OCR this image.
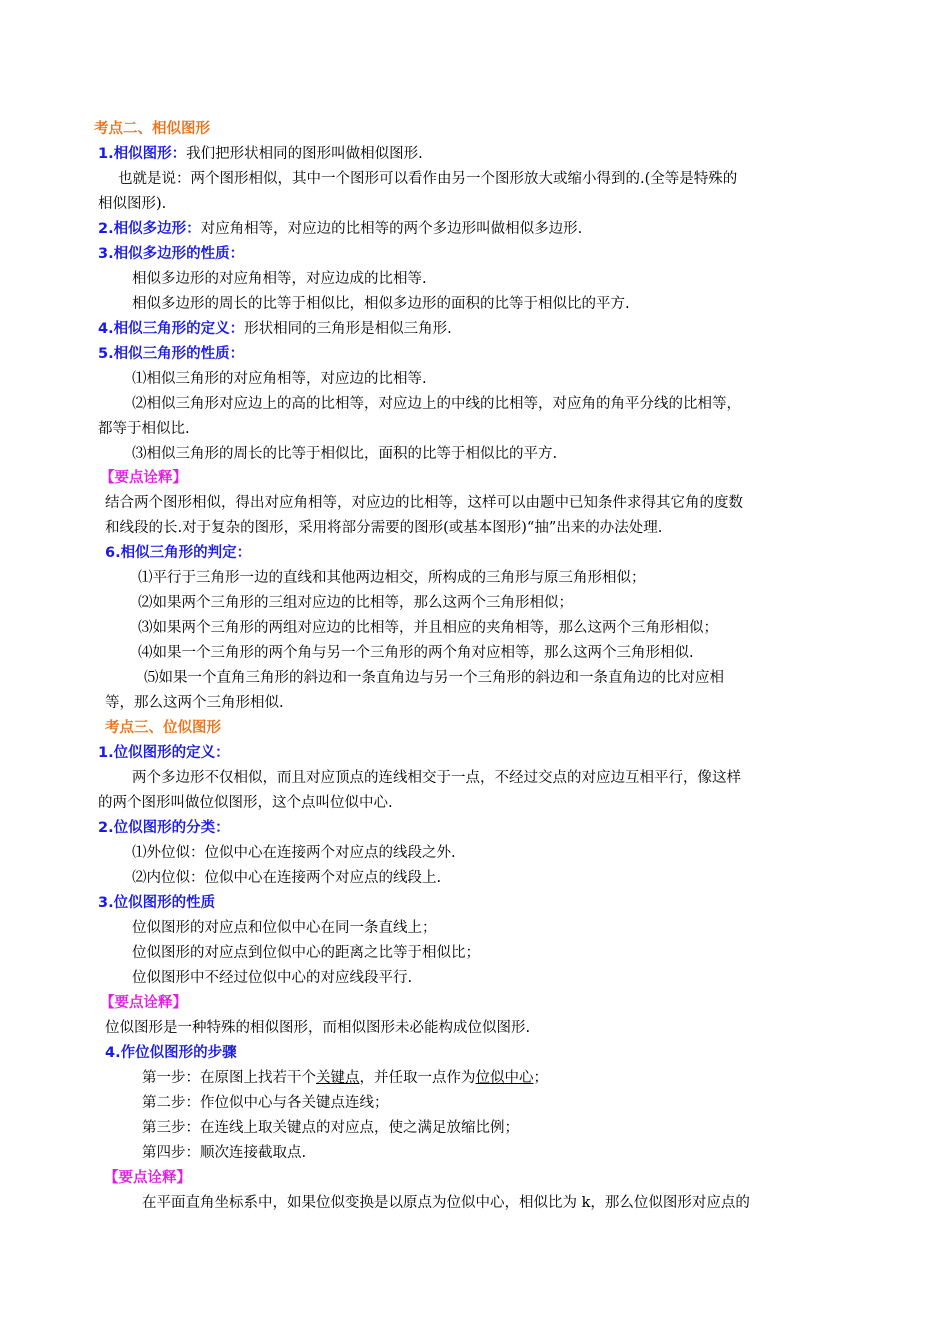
考点二、相似图形
1.相似图形：我们把形状相同的图形叫做相似图形.
也就是说：两个图形相似，其中一个图形可以看作由另一个图形放大或缩小得到的.(全等是特殊的
相似图形).
2.相似多边形：对应角相等，对应边的比相等的两个多边形叫做相似多边形.
3.相似多边形的性质：
相似多边形的对应角相等，对应边成的比相等.
相似多边形的周长的比等于相似比，相似多边形的面积的比等于相似比的平方.
4.相似三角形的定义：形状相同的三角形是相似三角形.
5.相似三角形的性质：
⑴相似三角形的对应角相等，对应边的比相等.
⑵相似三角形对应边上的高的比相等，对应边上的中线的比相等，对应角的角平分线的比相等，
都等于相似比.
⑶相似三角形的周长的比等于相似比，面积的比等于相似比的平方.
【要点诠释】
结合两个图形相似，得出对应角相等，对应边的比相等，这样可以由题中已知条件求得其它角的度数
和线段的长.对于复杂的图形，采用将部分需要的图形(或基本图形)“抽”出来的办法处理.
6.相似三角形的判定：
⑴平行于三角形一边的直线和其他两边相交，所构成的三角形与原三角形相似；
⑵如果两个三角形的三组对应边的比相等，那么这两个三角形相似；
⑶如果两个三角形的两组对应边的比相等，并且相应的夹角相等，那么这两个三角形相似；
⑷如果一个三角形的两个角与另一个三角形的两个角对应相等，那么这两个三角形相似.
⑸如果一个直角三角形的斜边和一条直角边与另一个三角形的斜边和一条直角边的比对应相
等，那么这两个三角形相似.
考点三、位似图形
1.位似图形的定义：
两个多边形不仅相似，而且对应顶点的连线相交于一点，不经过交点的对应边互相平行，像这样
的两个图形叫做位似图形，这个点叫位似中心.
2.位似图形的分类：
⑴外位似：位似中心在连接两个对应点的线段之外.
⑵内位似：位似中心在连接两个对应点的线段上.
3.位似图形的性质
位似图形的对应点和位似中心在同一条直线上；
位似图形的对应点到位似中心的距离之比等于相似比；
位似图形中不经过位似中心的对应线段平行.
【要点诠释】
位似图形是一种特殊的相似图形，而相似图形未必能构成位似图形.
4.作位似图形的步骤
第一步：在原图上找若干个关键点，并任取一点作为位似中心；
第二步：作位似中心与各关键点连线；
第三步：在连线上取关键点的对应点，使之满足放缩比例；
第四步：顺次连接截取点.
【要点诠释】
在平面直角坐标系中，如果位似变换是以原点为位似中心，相似比为 k，那么位似图形对应点的
